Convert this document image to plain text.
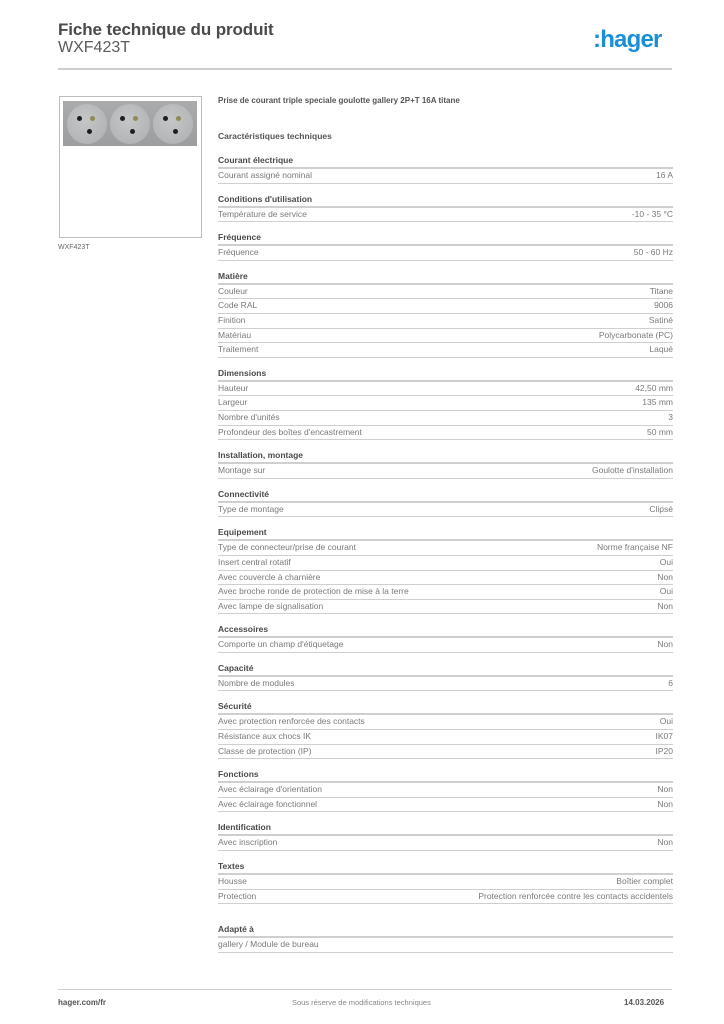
Fiche technique du produit
WXF423T	:hager
WXF423T
Prise de courant triple speciale goulotte gallery 2P+T 16A titane
Caractéristiques techniques
Courant électrique
Courant assigné nominal	16 A
Conditions d'utilisation
Température de service	-10 - 35 °C
Fréquence
Fréquence	50 - 60 Hz
Matière
Couleur	Titane
Code RAL	9006
Finition	Satiné
Matériau	Polycarbonate (PC)
Traitement	Laqué
Dimensions
Hauteur	42,50 mm
Largeur	135 mm
Nombre d'unités	3
Profondeur des boîtes d'encastrement	50 mm
Installation, montage
Montage sur	Goulotte d'installation
Connectivité
Type de montage	Clipsé
Equipement
Type de connecteur/prise de courant	Norme française NF
Insert central rotatif	Oui
Avec couvercle à charnière	Non
Avec broche ronde de protection de mise à la terre	Oui
Avec lampe de signalisation	Non
Accessoires
Comporte un champ d'étiquetage	Non
Capacité
Nombre de modules	6
Sécurité
Avec protection renforcée des contacts	Oui
Résistance aux chocs IK	IK07
Classe de protection (IP)	IP20
Fonctions
Avec éclairage d'orientation	Non
Avec éclairage fonctionnel	Non
Identification
Avec inscription	Non
Textes
Housse	Boîtier complet
Protection	Protection renforcée contre les contacts accidentels
Adapté à
gallery / Module de bureau
hager.com/fr	Sous réserve de modifications techniques	14.03.2026
